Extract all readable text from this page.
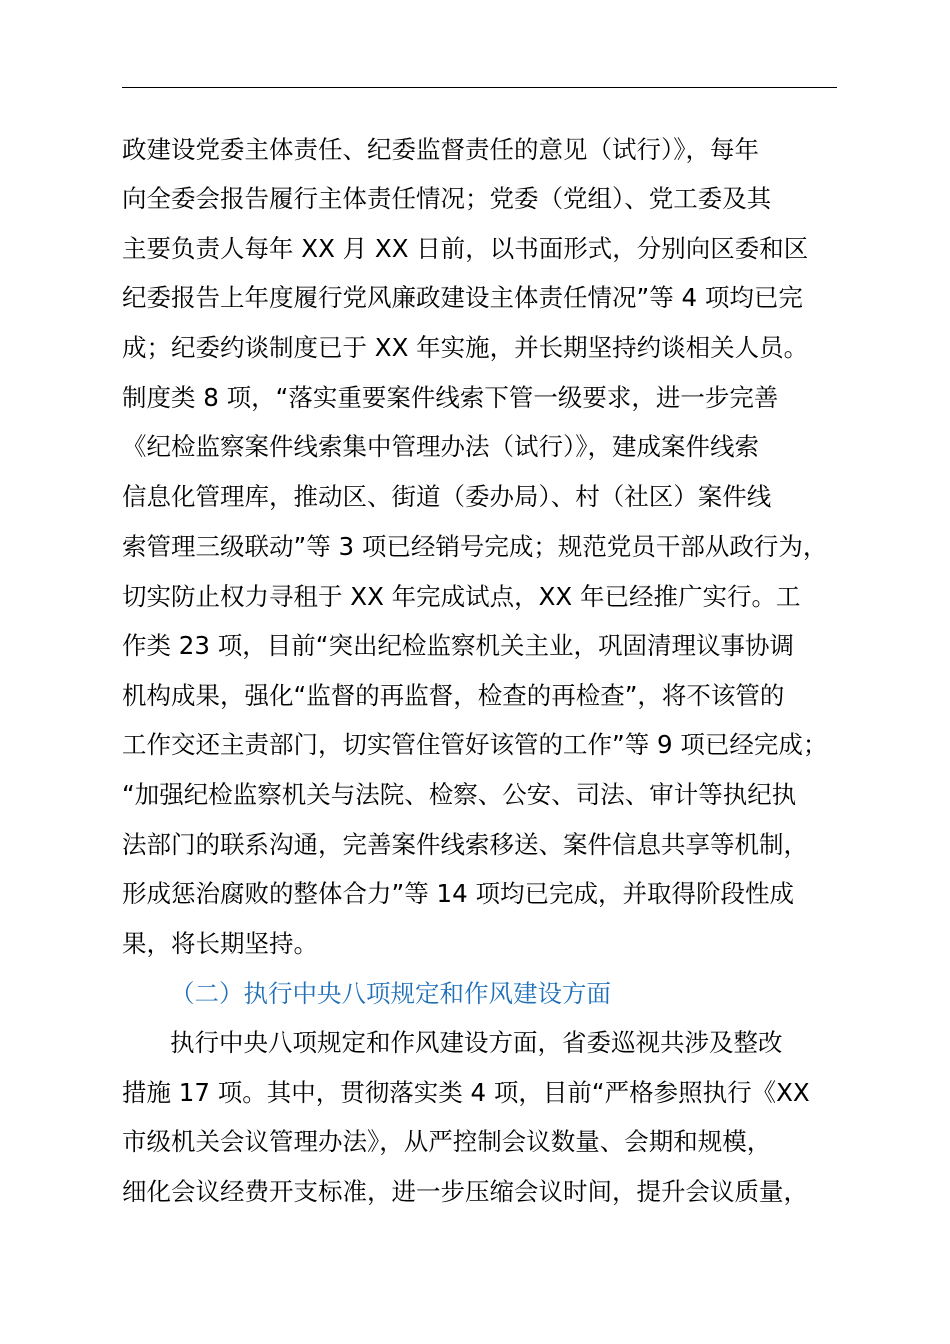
政建设党委主体责任、纪委监督责任的意见（试行）》，每年
向全委会报告履行主体责任情况；党委（党组）、党工委及其
主要负责人每年 XX 月 XX 日前，以书面形式，分别向区委和区
纪委报告上年度履行党风廉政建设主体责任情况”等 4 项均已完
成；纪委约谈制度已于 XX 年实施，并长期坚持约谈相关人员。
制度类 8 项，“落实重要案件线索下管一级要求，进一步完善
《纪检监察案件线索集中管理办法（试行）》，建成案件线索
信息化管理库，推动区、街道（委办局）、村（社区）案件线
索管理三级联动”等 3 项已经销号完成；规范党员干部从政行为，
切实防止权力寻租于 XX 年完成试点，XX 年已经推广实行。工
作类 23 项，目前“突出纪检监察机关主业，巩固清理议事协调
机构成果，强化“监督的再监督，检查的再检查”，将不该管的
工作交还主责部门，切实管住管好该管的工作”等 9 项已经完成；
“加强纪检监察机关与法院、检察、公安、司法、审计等执纪执
法部门的联系沟通，完善案件线索移送、案件信息共享等机制，
形成惩治腐败的整体合力”等 14 项均已完成，并取得阶段性成
果，将长期坚持。
（二）执行中央八项规定和作风建设方面
执行中央八项规定和作风建设方面，省委巡视共涉及整改
措施 17 项。其中，贯彻落实类 4 项，目前“严格参照执行《XX
市级机关会议管理办法》，从严控制会议数量、会期和规模，
细化会议经费开支标准，进一步压缩会议时间，提升会议质量，
